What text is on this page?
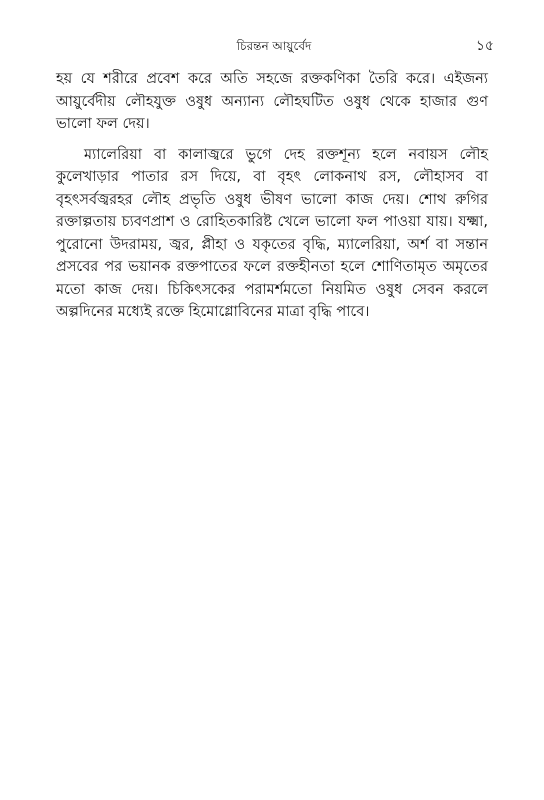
চিরন্তন আয়ুর্বেদ	১৫

হয় যে শরীরে প্রবেশ করে অতি সহজে রক্তকণিকা তৈরি করে। এইজন্য আয়ুর্বেদীয় লৌহযুক্ত ওষুধ অন্যান্য লৌহঘটিত ওষুধ থেকে হাজার গুণ ভালো ফল দেয়।

ম্যালেরিয়া বা কালাজ্বরে ভুগে দেহ রক্তশূন্য হলে নবায়স লৌহ কুলেখাড়ার পাতার রস দিয়ে, বা বৃহৎ লোকনাথ রস, লৌহাসব বা বৃহৎসর্বজ্বরহর লৌহ প্রভৃতি ওষুধ ভীষণ ভালো কাজ দেয়। শোথ রুগির রক্তাল্পতায় চ্যবণপ্রাশ ও রোহিতকারিষ্ট খেলে ভালো ফল পাওয়া যায়। যক্ষ্মা, পুরোনো উদরাময়, জ্বর, প্লীহা ও যকৃতের বৃদ্ধি, ম্যালেরিয়া, অর্শ বা সন্তান প্রসবের পর ভয়ানক রক্তপাতের ফলে রক্তহীনতা হলে শোণিতামৃত অমৃতের মতো কাজ দেয়। চিকিৎসকের পরামর্শমতো নিয়মিত ওষুধ সেবন করলে অল্পদিনের মধ্যেই রক্তে হিমোগ্লোবিনের মাত্রা বৃদ্ধি পাবে।
